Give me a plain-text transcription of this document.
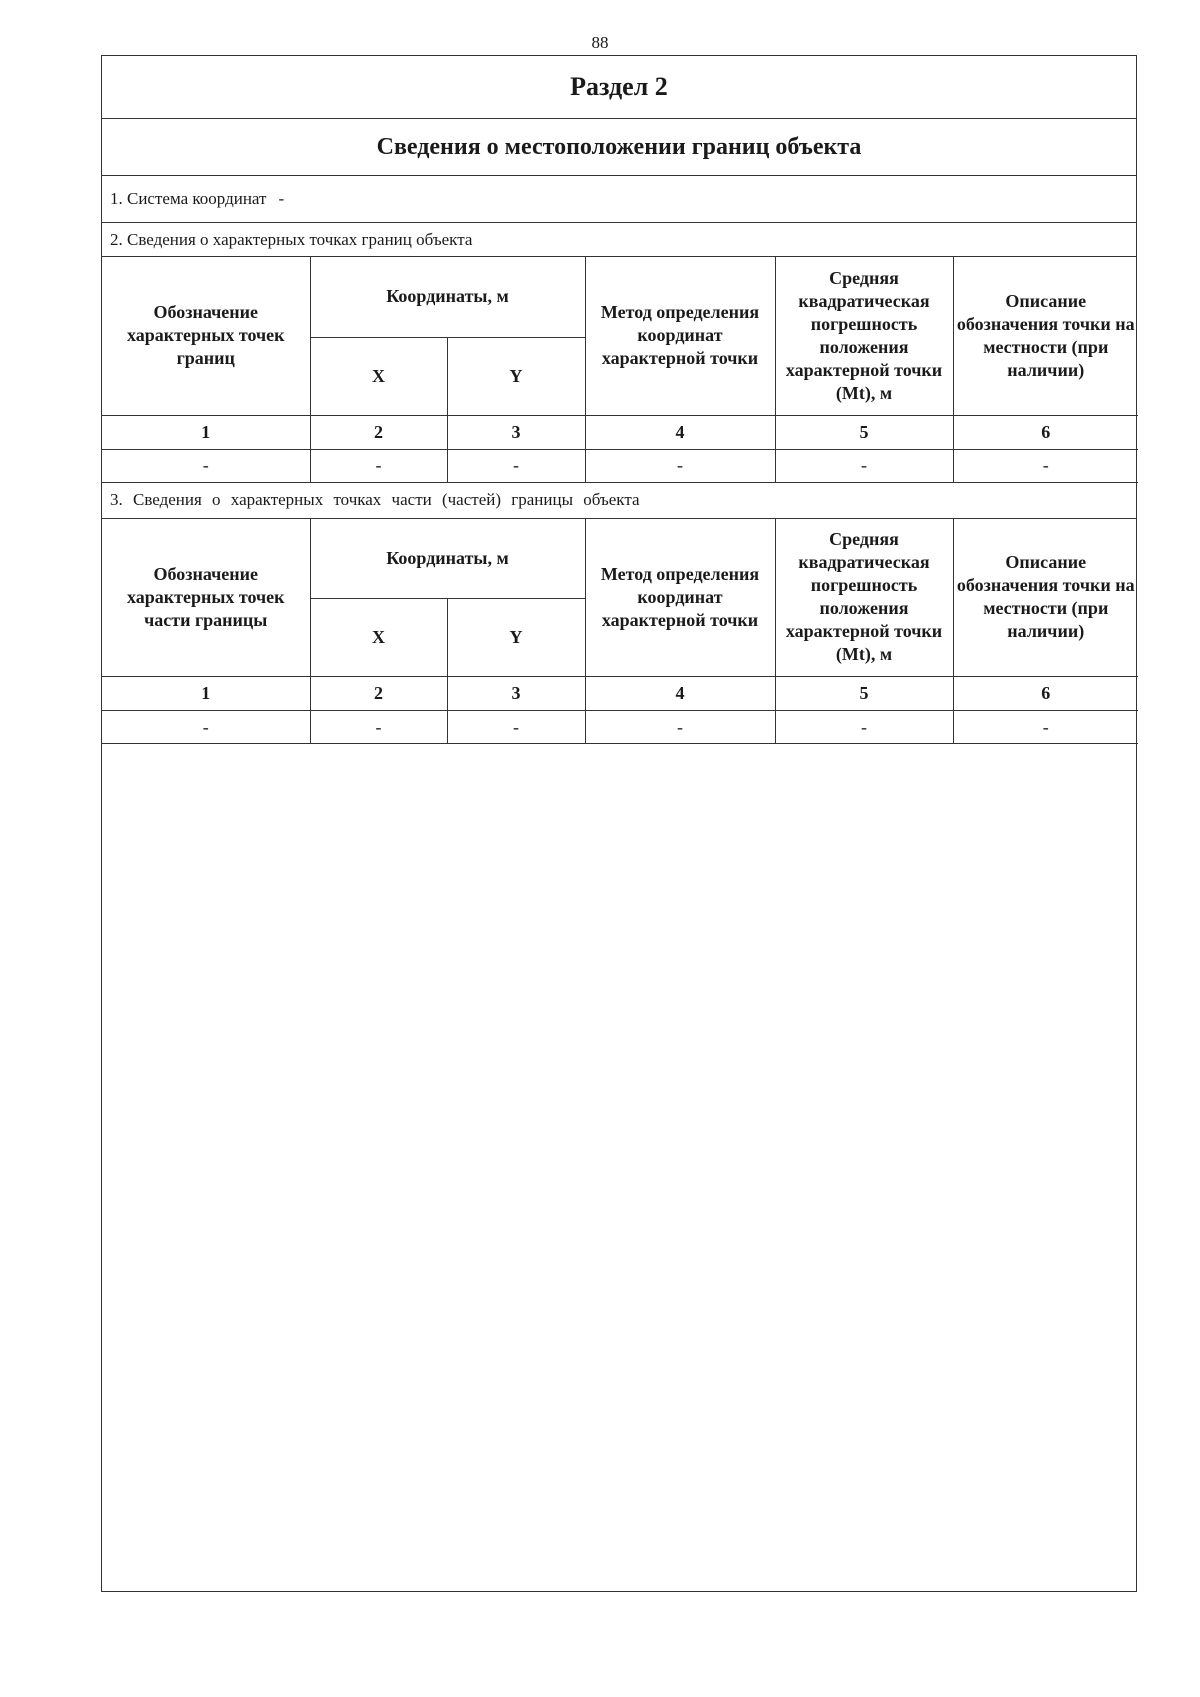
88
Раздел 2
Сведения о местоположении границ объекта
1. Система координат -
2. Сведения о характерных точках границ объекта
Обозначение характерных точек границ	Координаты, м		Метод определения координат характерной точки	Средняя квадратическая погрешность положения характерной точки (Mt), м	Описание обозначения точки на местности (при наличии)
	X	Y			
1	2	3	4	5	6
-	-	-	-	-	-
3. Сведения о характерных точках части (частей) границы объекта
Обозначение характерных точек части границы	Координаты, м		Метод определения координат характерной точки	Средняя квадратическая погрешность положения характерной точки (Mt), м	Описание обозначения точки на местности (при наличии)
	X	Y			
1	2	3	4	5	6
-	-	-	-	-	-
